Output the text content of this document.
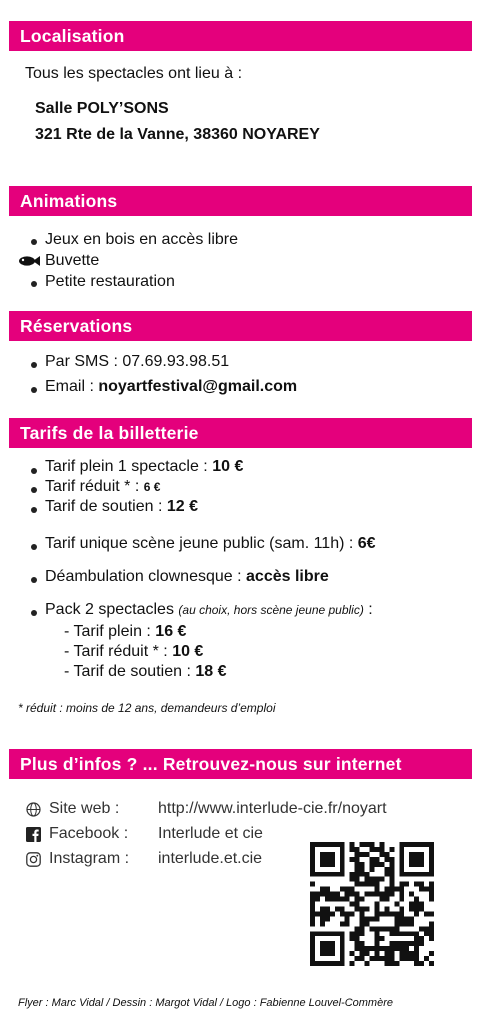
Localisation
Tous les spectacles ont lieu à :
Salle POLY’SONS
321 Rte de la Vanne, 38360 NOYAREY
Animations
Jeux en bois en accès libre
Buvette
Petite restauration
Réservations
Par SMS : 07.69.93.98.51
Email : noyartfestival@gmail.com
Tarifs de la billetterie
Tarif plein 1 spectacle : 10 €
Tarif réduit * : 6 €
Tarif de soutien : 12 €
Tarif unique scène jeune public (sam. 11h) : 6€
Déambulation clownesque : accès libre
Pack 2 spectacles (au choix, hors scène jeune public) :
- Tarif plein : 16 €
- Tarif réduit * : 10 €
- Tarif de soutien : 18 €
* réduit : moins de 12 ans, demandeurs d’emploi
Plus d’infos ? ... Retrouvez-nous sur internet
Site web : http://www.interlude-cie.fr/noyart
Facebook : Interlude et cie
Instagram : interlude.et.cie
Flyer : Marc Vidal / Dessin : Margot Vidal / Logo : Fabienne Louvel-Commère
